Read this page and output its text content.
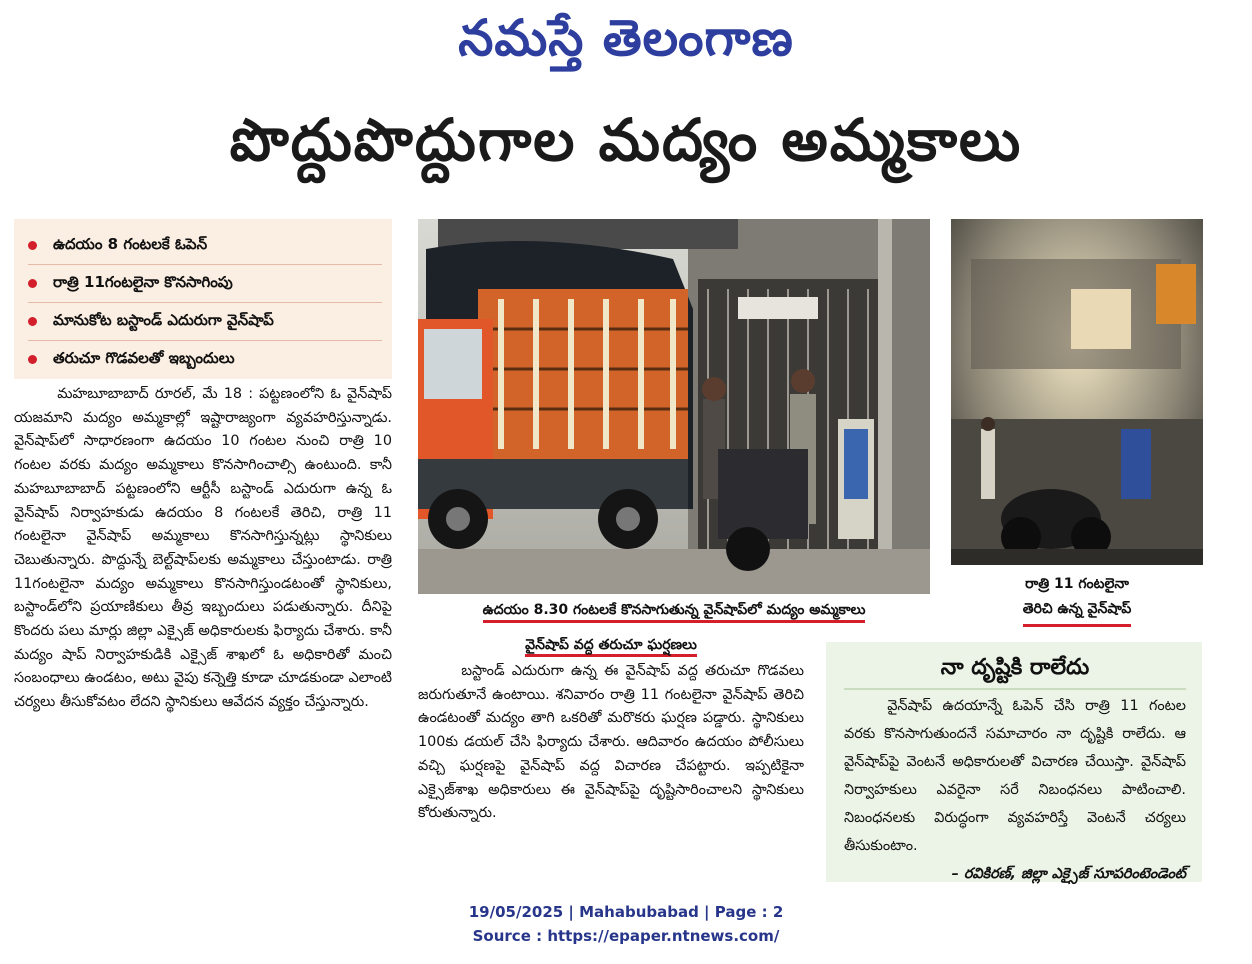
నమస్తే తెలంగాణ
పొద్దుపొద్దుగాల మద్యం అమ్మకాలు
ఉదయం 8 గంటలకే ఓపెన్
రాత్రి 11గంటలైనా కొనసాగింపు
మానుకోట బస్టాండ్ ఎదురుగా వైన్‌షాప్
తరుచూ గొడవలతో ఇబ్బందులు

మహబూబాబాద్ రూరల్, మే 18 : పట్టణంలోని ఓ వైన్‌షాప్ యజమాని మద్యం అమ్మకాల్లో ఇష్టారాజ్యంగా వ్యవహరిస్తున్నాడు. వైన్‌షాప్‌లో సాధారణంగా ఉదయం 10 గంటల నుంచి రాత్రి 10 గంటల వరకు మద్యం అమ్మకాలు కొనసాగించాల్సి ఉంటుంది. కానీ మహబూబాబాద్ పట్టణంలోని ఆర్టీసీ బస్టాండ్ ఎదురుగా ఉన్న ఓ వైన్‌షాప్ నిర్వాహకుడు ఉదయం 8 గంటలకే తెరిచి, రాత్రి 11 గంటలైనా వైన్‌షాప్ అమ్మకాలు కొనసాగిస్తున్నట్లు స్థానికులు చెబుతున్నారు. పొద్దున్నే బెల్ట్‌షాప్‌లకు అమ్మకాలు చేస్తుంటాడు. రాత్రి 11గంటలైనా మద్యం అమ్మకాలు కొనసాగిస్తుండటంతో స్థానికులు, బస్టాండ్‌లోని ప్రయాణికులు తీవ్ర ఇబ్బందులు పడుతున్నారు. దీనిపై కొందరు పలు మార్లు జిల్లా ఎక్సైజ్ అధికారులకు ఫిర్యాదు చేశారు. కానీ మద్యం షాప్ నిర్వాహకుడికి ఎక్సైజ్ శాఖలో ఓ అధికారితో మంచి సంబంధాలు ఉండటం, అటు వైపు కన్నెత్తి కూడా చూడకుండా ఎలాంటి చర్యలు తీసుకోవటం లేదని స్థానికులు ఆవేదన వ్యక్తం చేస్తున్నారు.

ఉదయం 8.30 గంటలకే కొనసాగుతున్న వైన్‌షాప్‌లో మద్యం అమ్మకాలు
రాత్రి 11 గంటలైనా
తెరిచి ఉన్న వైన్‌షాప్
వైన్‌షాప్ వద్ద తరుచూ ఘర్షణలు

బస్టాండ్ ఎదురుగా ఉన్న ఈ వైన్‌షాప్ వద్ద తరుచూ గొడవలు జరుగుతూనే ఉంటాయి. శనివారం రాత్రి 11 గంటలైనా వైన్‌షాప్ తెరిచి ఉండటంతో మద్యం తాగి ఒకరితో మరొకరు ఘర్షణ పడ్డారు. స్థానికులు 100కు డయల్ చేసి ఫిర్యాదు చేశారు. ఆదివారం ఉదయం పోలీసులు వచ్చి ఘర్షణపై వైన్‌షాప్ వద్ద విచారణ చేపట్టారు. ఇప్పటికైనా ఎక్సైజ్‌శాఖ అధికారులు ఈ వైన్‌షాప్‌పై దృష్టిసారించాలని స్థానికులు కోరుతున్నారు.

నా దృష్టికి రాలేదు

వైన్‌షాప్ ఉదయాన్నే ఓపెన్ చేసి రాత్రి 11 గంటల వరకు కొనసాగుతుందనే సమాచారం నా దృష్టికి రాలేదు. ఆ వైన్‌షాప్‌పై వెంటనే అధికారులతో విచారణ చేయిస్తా. వైన్‌షాప్ నిర్వాహకులు ఎవరైనా సరే నిబంధనలు పాటించాలి. నిబంధనలకు విరుద్ధంగా వ్యవహరిస్తే వెంటనే చర్యలు తీసుకుంటాం.

– రవికిరణ్, జిల్లా ఎక్సైజ్ సూపరింటెండెంట్
19/05/2025 | Mahabubabad | Page : 2
Source : https://epaper.ntnews.com/
